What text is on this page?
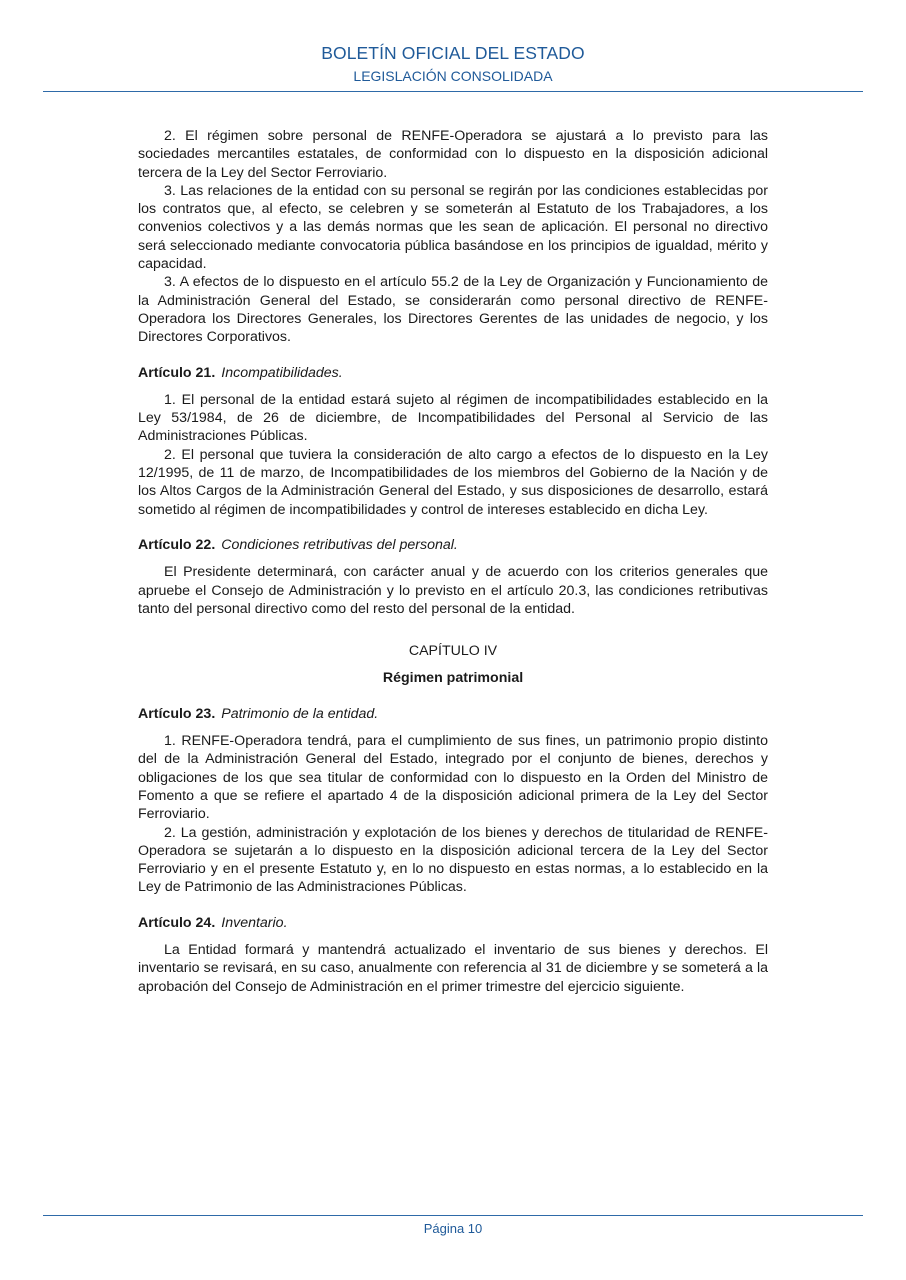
BOLETÍN OFICIAL DEL ESTADO
LEGISLACIÓN CONSOLIDADA

2. El régimen sobre personal de RENFE-Operadora se ajustará a lo previsto para las sociedades mercantiles estatales, de conformidad con lo dispuesto en la disposición adicional tercera de la Ley del Sector Ferroviario.

3. Las relaciones de la entidad con su personal se regirán por las condiciones establecidas por los contratos que, al efecto, se celebren y se someterán al Estatuto de los Trabajadores, a los convenios colectivos y a las demás normas que les sean de aplicación. El personal no directivo será seleccionado mediante convocatoria pública basándose en los principios de igualdad, mérito y capacidad.

3. A efectos de lo dispuesto en el artículo 55.2 de la Ley de Organización y Funcionamiento de la Administración General del Estado, se considerarán como personal directivo de RENFE-Operadora los Directores Generales, los Directores Gerentes de las unidades de negocio, y los Directores Corporativos.

Artículo 21. Incompatibilidades.

1. El personal de la entidad estará sujeto al régimen de incompatibilidades establecido en la Ley 53/1984, de 26 de diciembre, de Incompatibilidades del Personal al Servicio de las Administraciones Públicas.

2. El personal que tuviera la consideración de alto cargo a efectos de lo dispuesto en la Ley 12/1995, de 11 de marzo, de Incompatibilidades de los miembros del Gobierno de la Nación y de los Altos Cargos de la Administración General del Estado, y sus disposiciones de desarrollo, estará sometido al régimen de incompatibilidades y control de intereses establecido en dicha Ley.

Artículo 22. Condiciones retributivas del personal.

El Presidente determinará, con carácter anual y de acuerdo con los criterios generales que apruebe el Consejo de Administración y lo previsto en el artículo 20.3, las condiciones retributivas tanto del personal directivo como del resto del personal de la entidad.

CAPÍTULO IV
Régimen patrimonial
Artículo 23. Patrimonio de la entidad.

1. RENFE-Operadora tendrá, para el cumplimiento de sus fines, un patrimonio propio distinto del de la Administración General del Estado, integrado por el conjunto de bienes, derechos y obligaciones de los que sea titular de conformidad con lo dispuesto en la Orden del Ministro de Fomento a que se refiere el apartado 4 de la disposición adicional primera de la Ley del Sector Ferroviario.

2. La gestión, administración y explotación de los bienes y derechos de titularidad de RENFE-Operadora se sujetarán a lo dispuesto en la disposición adicional tercera de la Ley del Sector Ferroviario y en el presente Estatuto y, en lo no dispuesto en estas normas, a lo establecido en la Ley de Patrimonio de las Administraciones Públicas.

Artículo 24. Inventario.

La Entidad formará y mantendrá actualizado el inventario de sus bienes y derechos. El inventario se revisará, en su caso, anualmente con referencia al 31 de diciembre y se someterá a la aprobación del Consejo de Administración en el primer trimestre del ejercicio siguiente.

Página 10
